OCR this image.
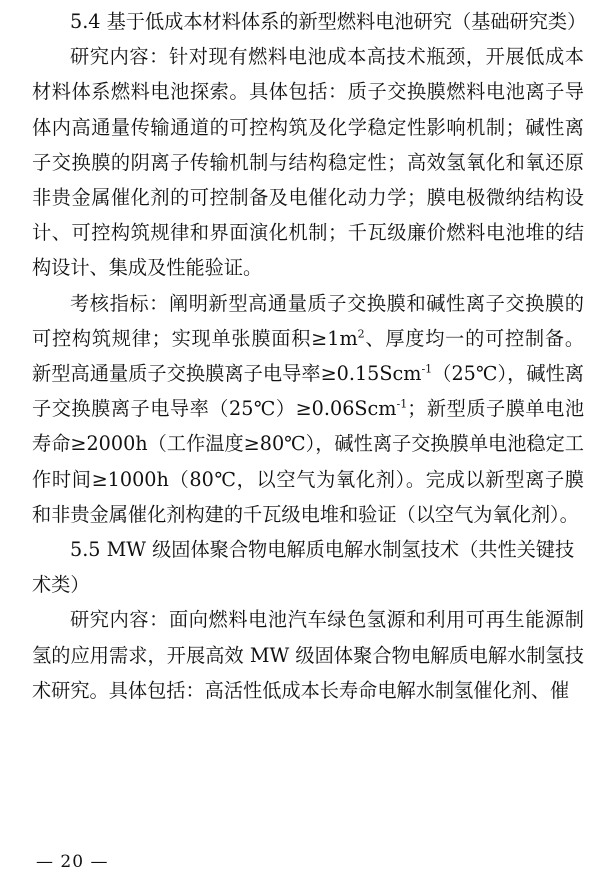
5.4 基于低成本材料体系的新型燃料电池研究（基础研究类）

研究内容：针对现有燃料电池成本高技术瓶颈，开展低成本材料体系燃料电池探索。具体包括：质子交换膜燃料电池离子导体内高通量传输通道的可控构筑及化学稳定性影响机制；碱性离子交换膜的阴离子传输机制与结构稳定性；高效氢氧化和氧还原非贵金属催化剂的可控制备及电催化动力学；膜电极微纳结构设计、可控构筑规律和界面演化机制；千瓦级廉价燃料电池堆的结构设计、集成及性能验证。

考核指标：阐明新型高通量质子交换膜和碱性离子交换膜的可控构筑规律；实现单张膜面积$\ge 1m^2$、厚度均一的可控制备。新型高通量质子交换膜离子电导率≥0.15Scm$^{-1}$（25℃），碱性离子交换膜离子电导率（25℃）≥0.06Scm$^{-1}$；新型质子膜单电池寿命≥2000h（工作温度≥80℃），碱性离子交换膜单电池稳定工作时间≥1000h（80℃，以空气为氧化剂）。完成以新型离子膜和非贵金属催化剂构建的千瓦级电堆和验证（以空气为氧化剂）。

5.5 MW 级固体聚合物电解质电解水制氢技术（共性关键技术类）

研究内容：面向燃料电池汽车绿色氢源和利用可再生能源制氢的应用需求，开展高效 MW 级固体聚合物电解质电解水制氢技术研究。具体包括：高活性低成本长寿命电解水制氢催化剂、催

— 20 —
